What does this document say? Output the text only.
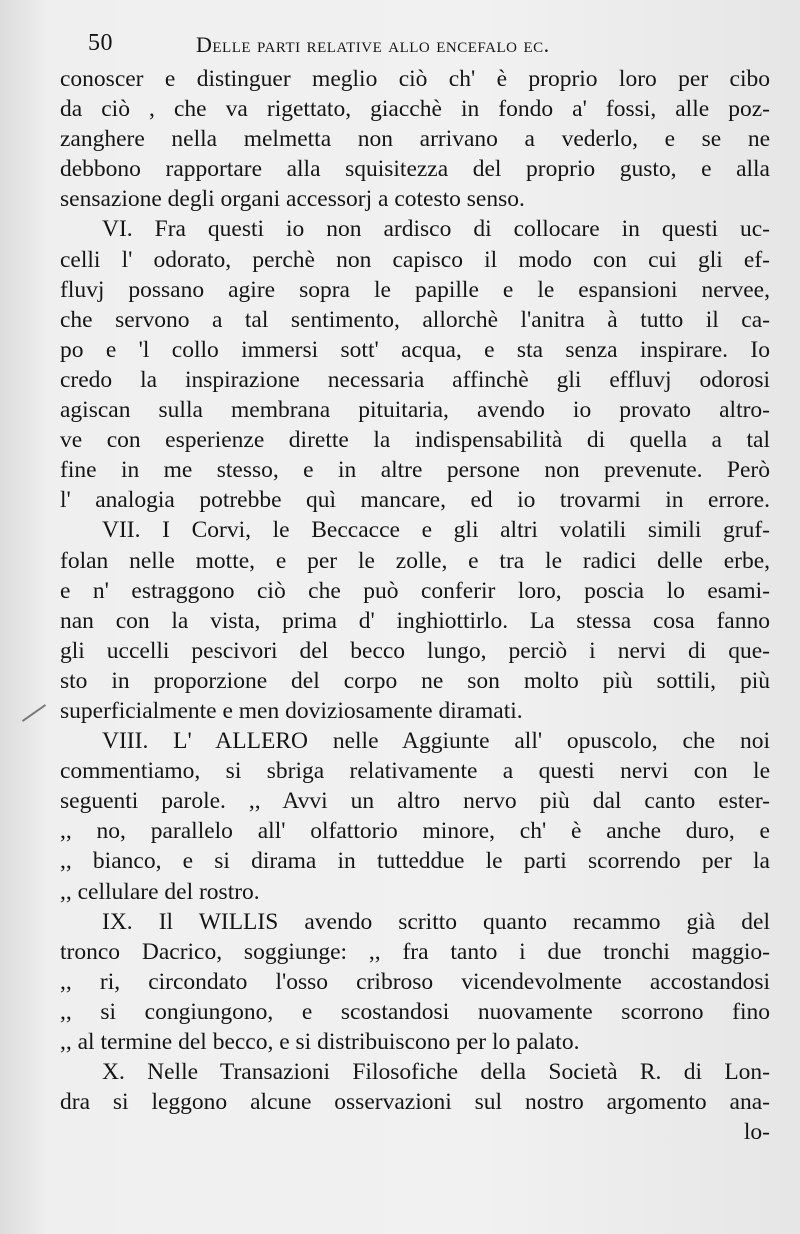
50	Delle parti relative allo encefalo ec.
conoscer e distinguer meglio ciò ch' è proprio loro per cibo
da ciò , che va rigettato, giacchè in fondo a' fossi, alle poz-
zanghere nella melmetta non arrivano a vederlo, e se ne
debbono rapportare alla squisitezza del proprio gusto, e alla
sensazione degli organi accessorj a cotesto senso.
VI. Fra questi io non ardisco di collocare in questi uc-
celli l' odorato, perchè non capisco il modo con cui gli ef-
fluvj possano agire sopra le papille e le espansioni nervee,
che servono a tal sentimento, allorchè l'anitra à tutto il ca-
po e 'l collo immersi sott' acqua, e sta senza inspirare. Io
credo la inspirazione necessaria affinchè gli effluvj odorosi
agiscan sulla membrana pituitaria, avendo io provato altro-
ve con esperienze dirette la indispensabilità di quella a tal
fine in me stesso, e in altre persone non prevenute. Però
l' analogia potrebbe quì mancare, ed io trovarmi in errore.
VII. I Corvi, le Beccacce e gli altri volatili simili gruf-
folan nelle motte, e per le zolle, e tra le radici delle erbe,
e n' estraggono ciò che può conferir loro, poscia lo esami-
nan con la vista, prima d' inghiottirlo. La stessa cosa fanno
gli uccelli pescivori del becco lungo, perciò i nervi di que-
sto in proporzione del corpo ne son molto più sottili, più
superficialmente e men doviziosamente diramati.
VIII. L' ALLERO nelle Aggiunte all' opuscolo, che noi
commentiamo, si sbriga relativamente a questi nervi con le
seguenti parole. ,, Avvi un altro nervo più dal canto ester-
,, no, parallelo all' olfattorio minore, ch' è anche duro, e
,, bianco, e si dirama in tutteddue le parti scorrendo per la
,, cellulare del rostro.
IX. Il WILLIS avendo scritto quanto recammo già del
tronco Dacrico, soggiunge: ,, fra tanto i due tronchi maggio-
,, ri, circondato l'osso cribroso vicendevolmente accostandosi
,, si congiungono, e scostandosi nuovamente scorrono fino
,, al termine del becco, e si distribuiscono per lo palato.
X. Nelle Transazioni Filosofiche della Società R. di Lon-
dra si leggono alcune osservazioni sul nostro argomento ana-
lo-
